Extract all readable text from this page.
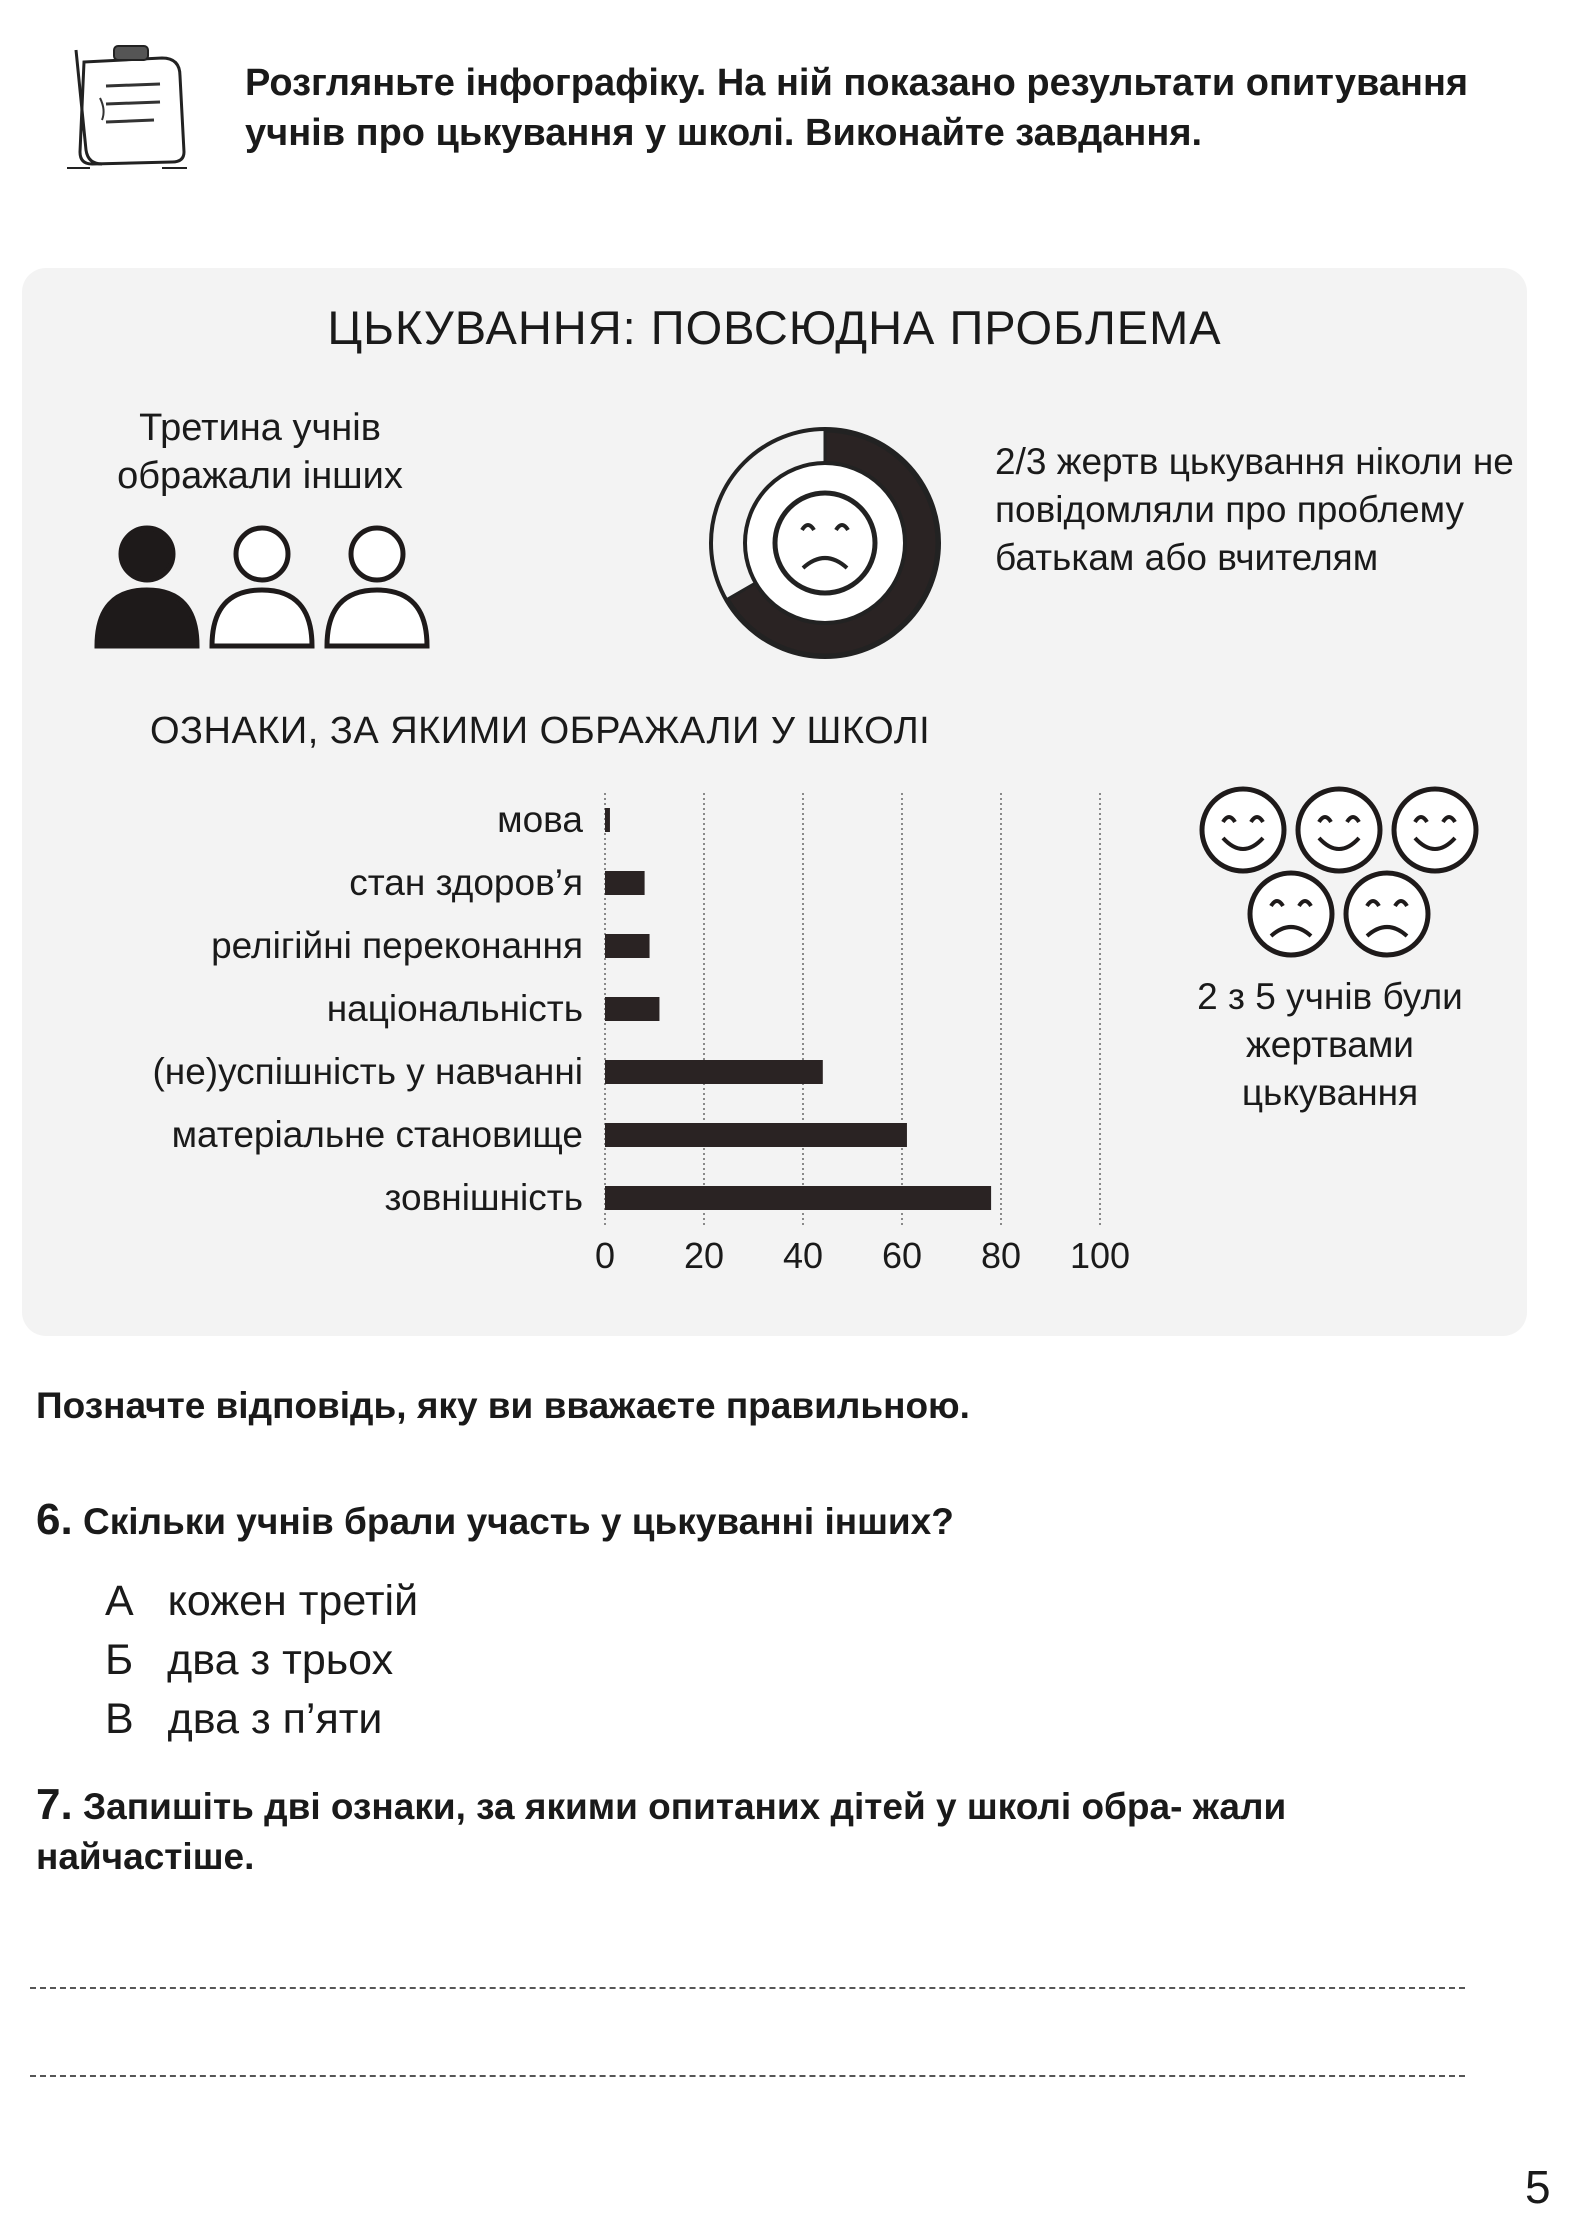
Розгляньте інфографіку. На ній показано результати опитування учнів про цькування у школі. Виконайте завдання.
ЦЬКУВАННЯ: ПОВСЮДНА ПРОБЛЕМА
Третина учнів ображали інших	2/3 жертв цькування ніколи не повідомляли про проблему батькам або вчителям
ОЗНАКИ, ЗА ЯКИМИ ОБРАЖАЛИ У ШКОЛІ
мова
стан здоров’я
релігійні переконання
національність
(не)успішність у навчанні
матеріальне становище
зовнішність
0 20 40 60 80 100
2 з 5 учнів були жертвами цькування
Позначте відповідь, яку ви вважаєте правильною.
6. Скільки учнів брали участь у цькуванні інших?
А кожен третій
Б два з трьох
В два з п’яти
7. Запишіть дві ознаки, за якими опитаних дітей у школі обра- жали найчастіше.
5
